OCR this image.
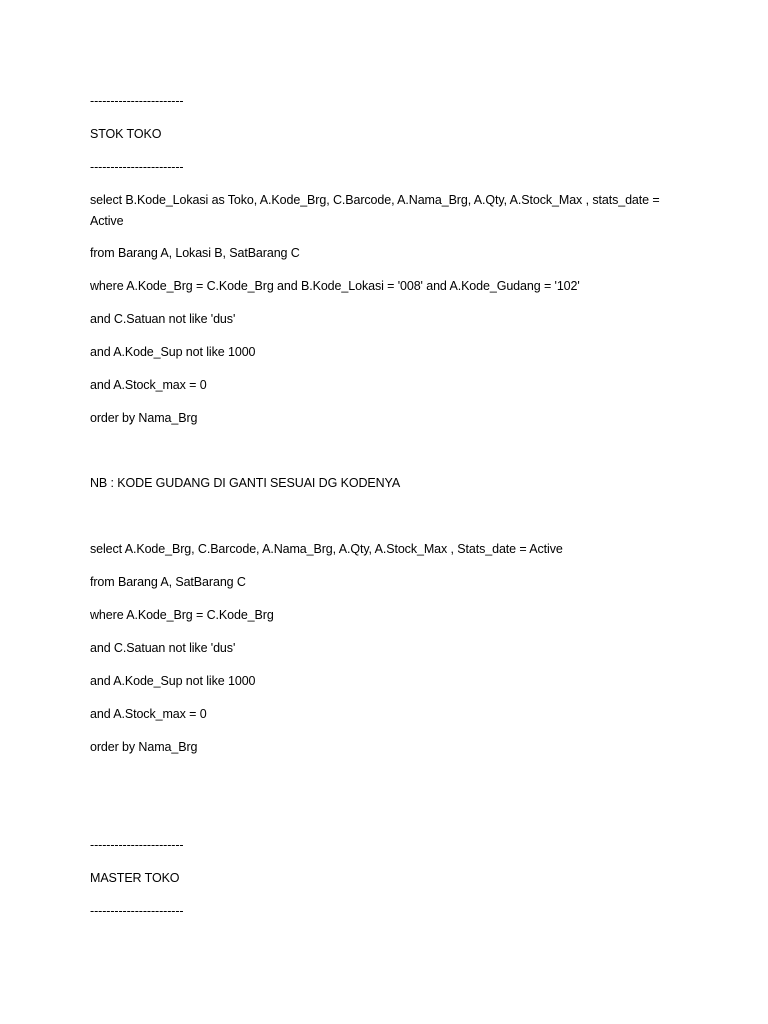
-----------------------
STOK TOKO
-----------------------
select B.Kode_Lokasi as Toko, A.Kode_Brg, C.Barcode, A.Nama_Brg, A.Qty, A.Stock_Max , stats_date = Active
from Barang A, Lokasi B, SatBarang C
where A.Kode_Brg = C.Kode_Brg and B.Kode_Lokasi = '008' and A.Kode_Gudang = '102'
and C.Satuan not like 'dus'
and A.Kode_Sup not like 1000
and A.Stock_max = 0
order by Nama_Brg
NB : KODE GUDANG DI GANTI SESUAI DG KODENYA
select A.Kode_Brg, C.Barcode, A.Nama_Brg, A.Qty, A.Stock_Max , Stats_date = Active
from Barang A, SatBarang C
where A.Kode_Brg = C.Kode_Brg
and C.Satuan not like 'dus'
and A.Kode_Sup not like 1000
and A.Stock_max = 0
order by Nama_Brg
-----------------------
MASTER TOKO
-----------------------
